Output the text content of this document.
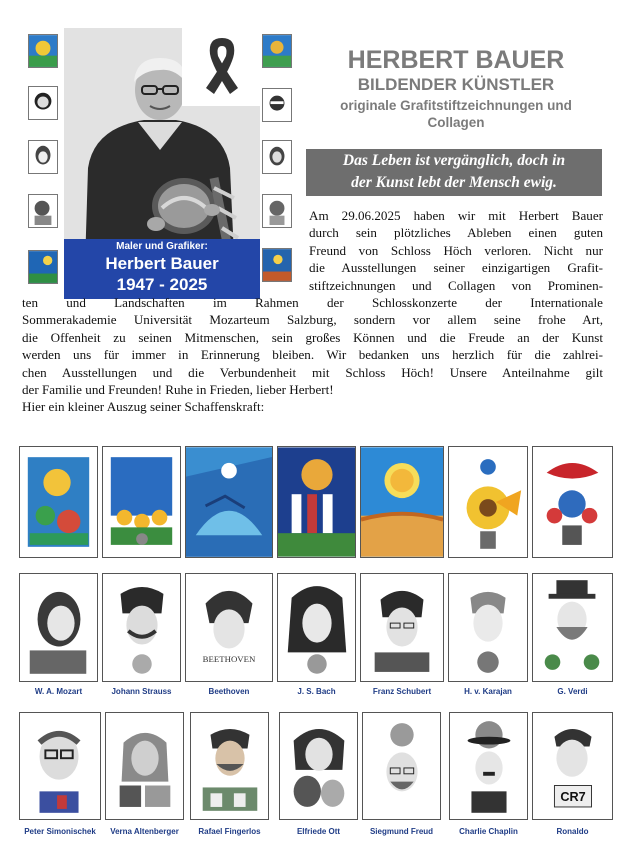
HERBERT BAUER
BILDENDER KÜNSTLER
originale Grafitstiftzeichnungen und
Collagen
Das Leben ist vergänglich, doch in
der Kunst lebt der Mensch ewig.
Maler und Grafiker:
Herbert Bauer
1947 - 2025
Am 29.06.2025 haben wir mit Herbert Bauer
durch sein plötzliches Ableben einen guten
Freund von Schloss Höch verloren. Nicht nur
die Ausstellungen seiner einzigartigen Grafit-
stiftzeichnungen und Collagen von Prominen-
ten und Landschaften im Rahmen der Schlosskonzerte der Internationale
Sommerakademie Universität Mozarteum Salzburg, sondern vor allem seine frohe Art,
die Offenheit zu seinen Mitmenschen, sein großes Können und die Freude an der Kunst
werden uns für immer in Erinnerung bleiben. Wir bedanken uns herzlich für die zahlrei-
chen Ausstellungen und die Verbundenheit mit Schloss Höch! Unsere Anteilnahme gilt
der Familie und Freunden! Ruhe in Frieden, lieber Herbert!
Hier ein kleiner Auszug seiner Schaffenskraft:
BEETHOVEN
W. A. Mozart	Johann Strauss	Beethoven	J. S. Bach	Franz Schubert	H. v. Karajan	G. Verdi
CR7
Peter Simonischek	Verna Altenberger	Rafael Fingerlos	Elfriede Ott	Siegmund Freud	Charlie Chaplin	Ronaldo
